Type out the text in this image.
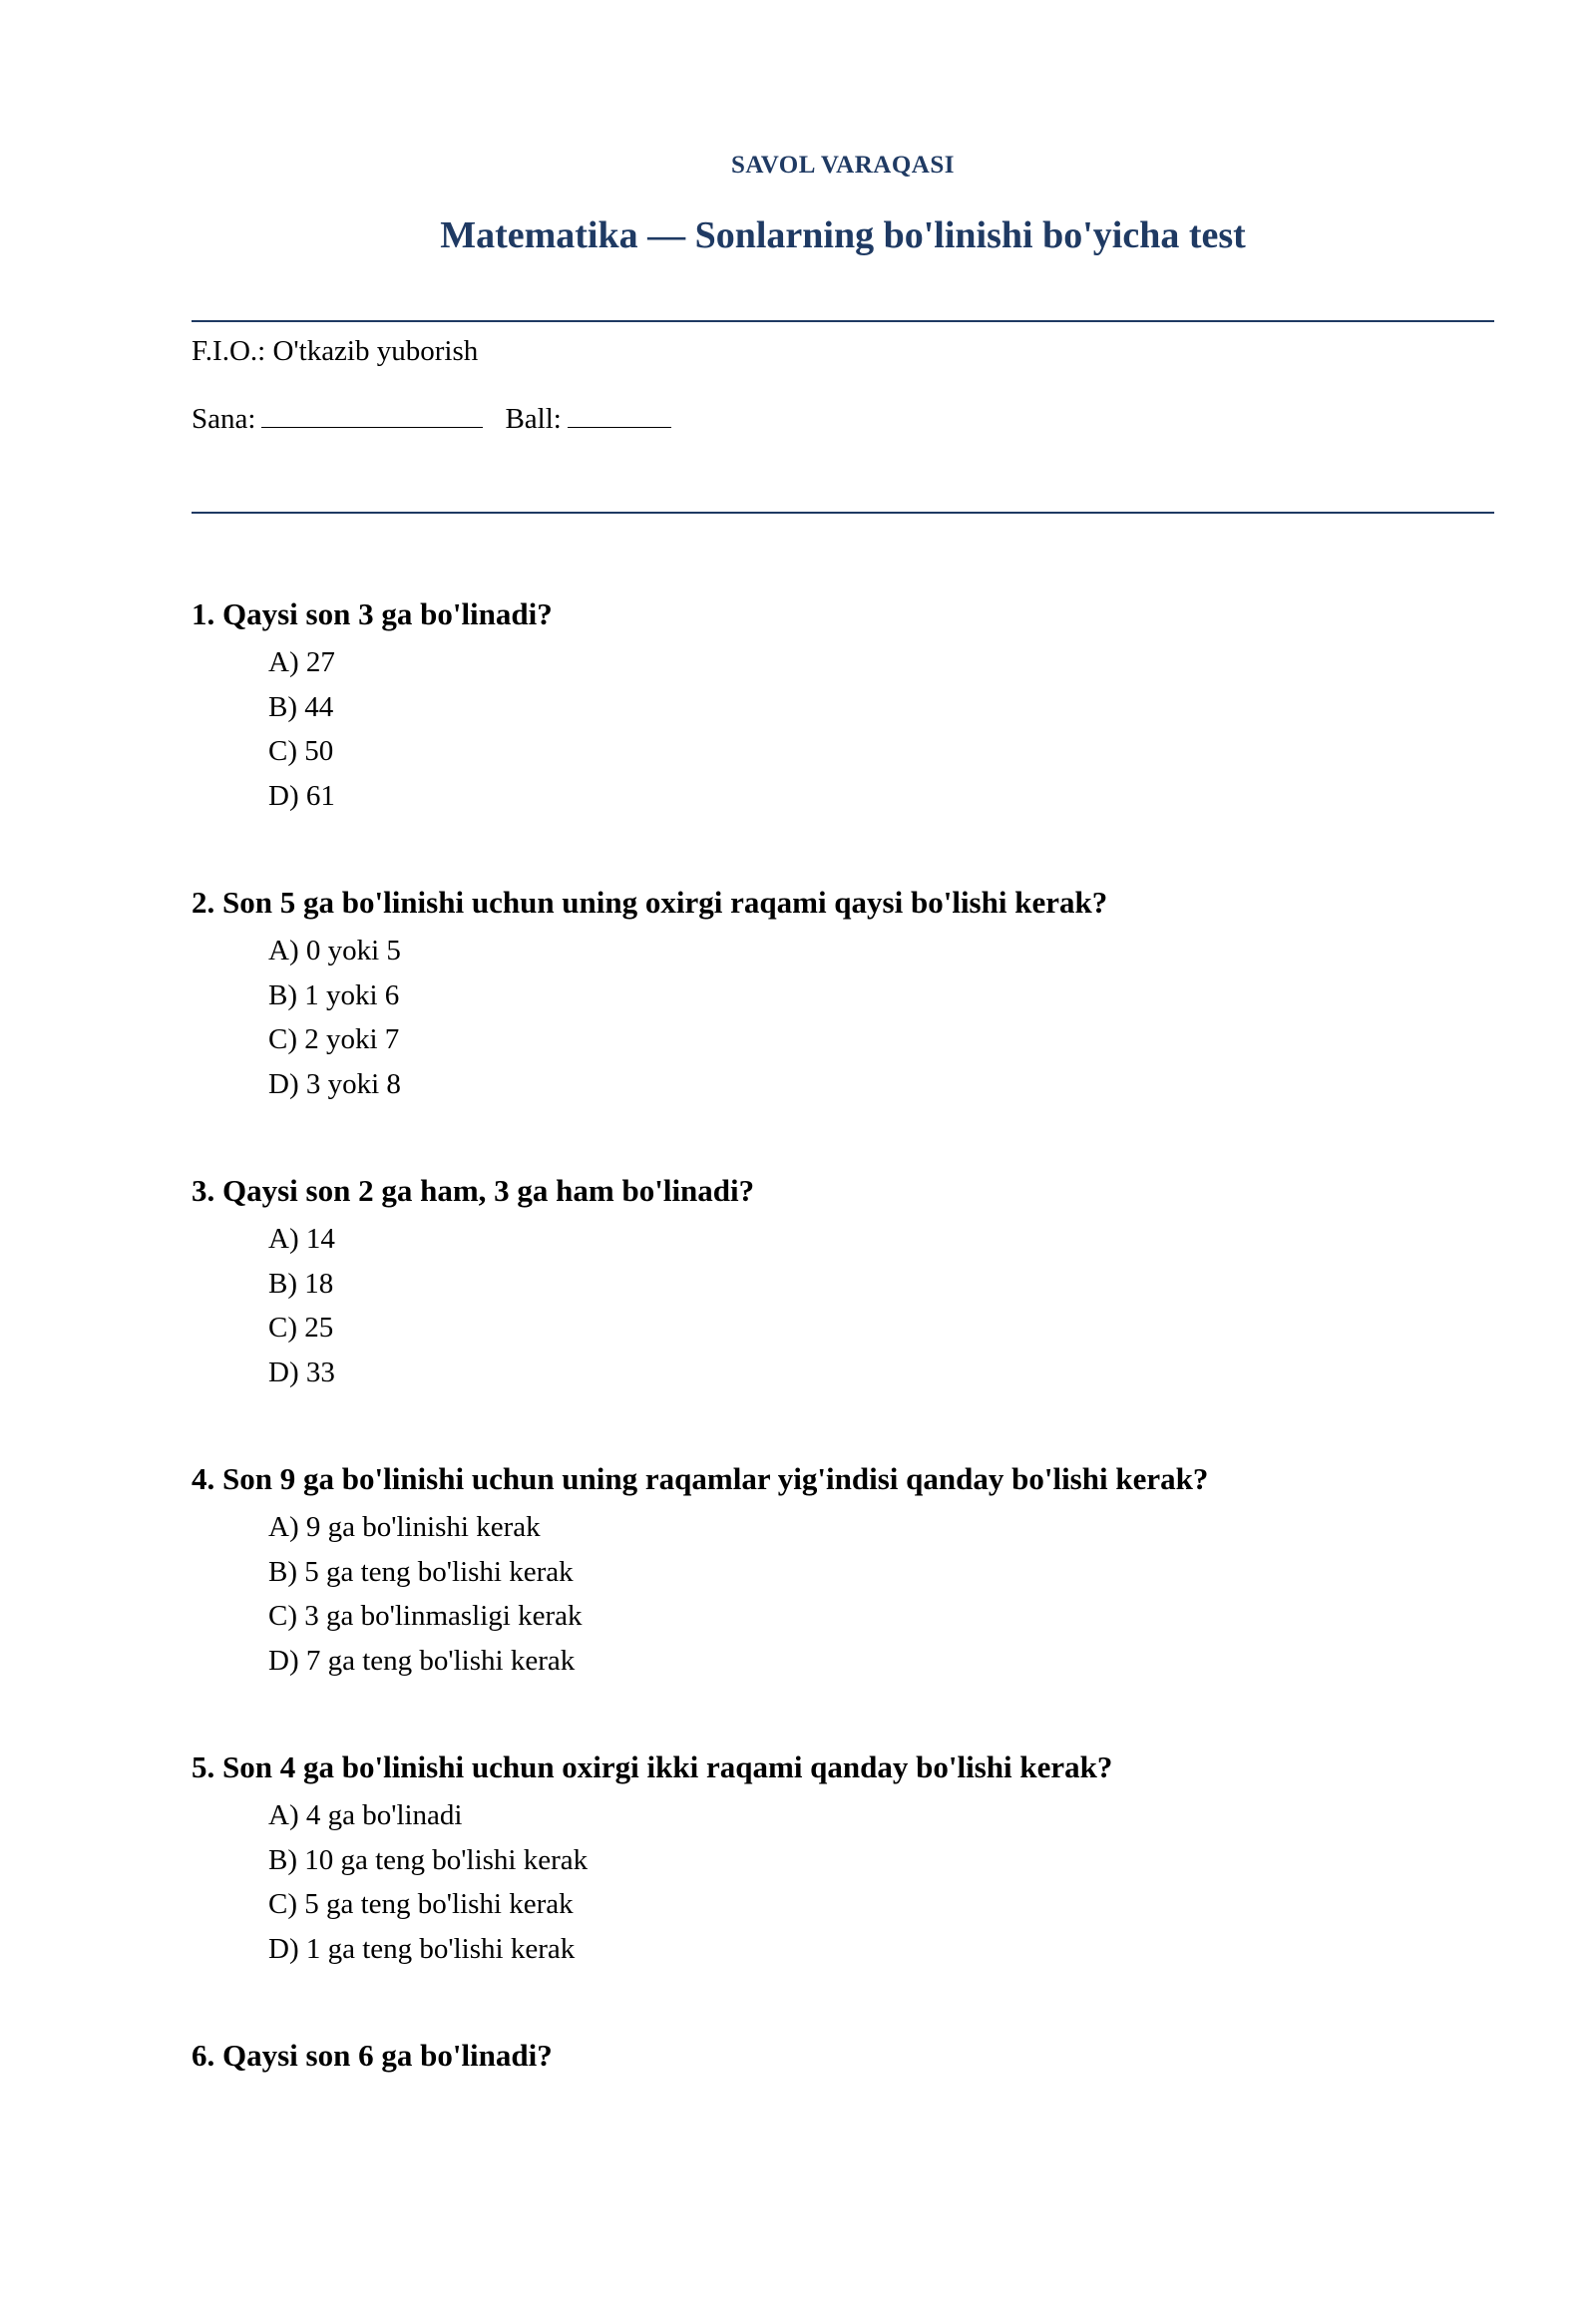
SAVOL VARAQASI
Matematika — Sonlarning bo'linishi bo'yicha test
F.I.O.: O'tkazib yuborish
Sana:	Ball:

1. Qaysi son 3 ga bo'linadi?

A) 27
B) 44
C) 50
D) 61

2. Son 5 ga bo'linishi uchun uning oxirgi raqami qaysi bo'lishi kerak?

A) 0 yoki 5
B) 1 yoki 6
C) 2 yoki 7
D) 3 yoki 8

3. Qaysi son 2 ga ham, 3 ga ham bo'linadi?

A) 14
B) 18
C) 25
D) 33

4. Son 9 ga bo'linishi uchun uning raqamlar yig'indisi qanday bo'lishi kerak?

A) 9 ga bo'linishi kerak
B) 5 ga teng bo'lishi kerak
C) 3 ga bo'linmasligi kerak
D) 7 ga teng bo'lishi kerak

5. Son 4 ga bo'linishi uchun oxirgi ikki raqami qanday bo'lishi kerak?

A) 4 ga bo'linadi
B) 10 ga teng bo'lishi kerak
C) 5 ga teng bo'lishi kerak
D) 1 ga teng bo'lishi kerak

6. Qaysi son 6 ga bo'linadi?
